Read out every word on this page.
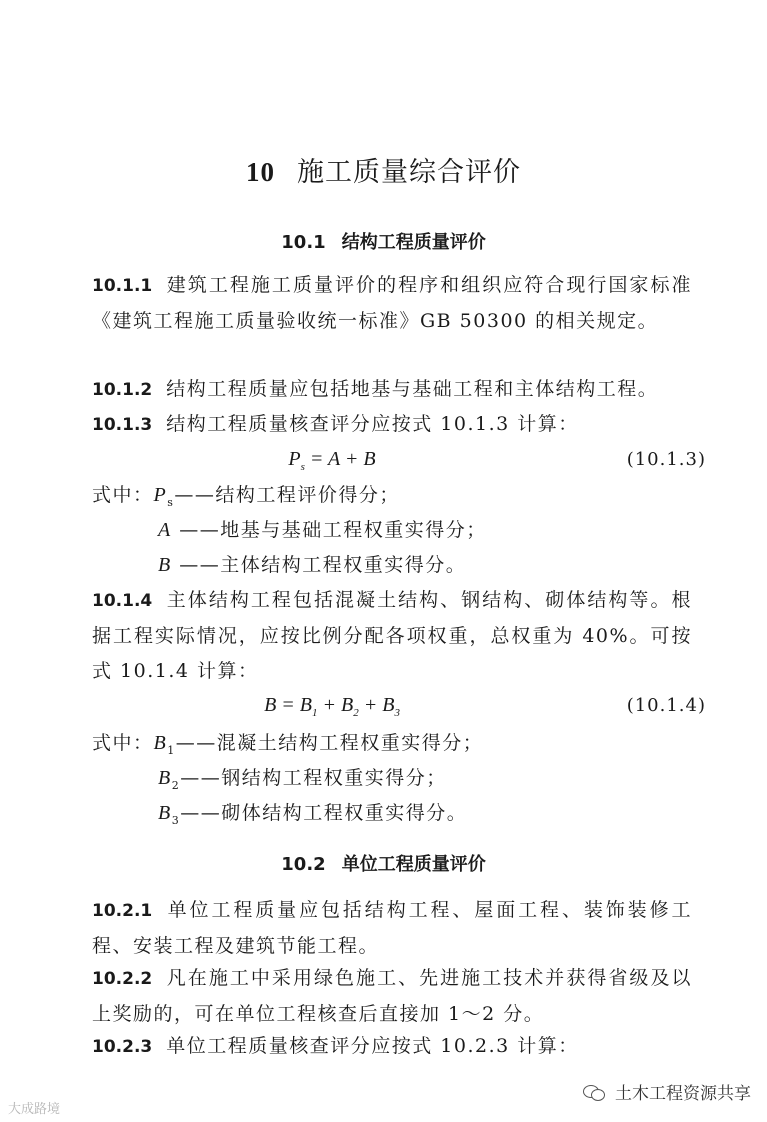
10 施工质量综合评价
10.1 结构工程质量评价
10.1.1 建筑工程施工质量评价的程序和组织应符合现行国家标准《建筑工程施工质量验收统一标准》GB 50300 的相关规定。
10.1.2 结构工程质量应包括地基与基础工程和主体结构工程。
10.1.3 结构工程质量核查评分应按式 10.1.3 计算：
$P_s = A + B$	(10.1.3)
式中：$P_s——$结构工程评价得分；
A ——地基与基础工程权重实得分；
B ——主体结构工程权重实得分。
10.1.4 主体结构工程包括混凝土结构、钢结构、砌体结构等。根据工程实际情况，应按比例分配各项权重，总权重为 40%。可按式 10.1.4 计算：
$B = B_1 + B_2 + B_3$	(10.1.4)
式中：$B_1——$混凝土结构工程权重实得分；
$B_2——$钢结构工程权重实得分；
$B_3——$砌体结构工程权重实得分。
10.2 单位工程质量评价
10.2.1 单位工程质量应包括结构工程、屋面工程、装饰装修工程、安装工程及建筑节能工程。
10.2.2 凡在施工中采用绿色施工、先进施工技术并获得省级及以上奖励的，可在单位工程核查后直接加 1～2 分。
10.2.3 单位工程质量核查评分应按式 10.2.3 计算：
大成路境
土木工程资源共享
